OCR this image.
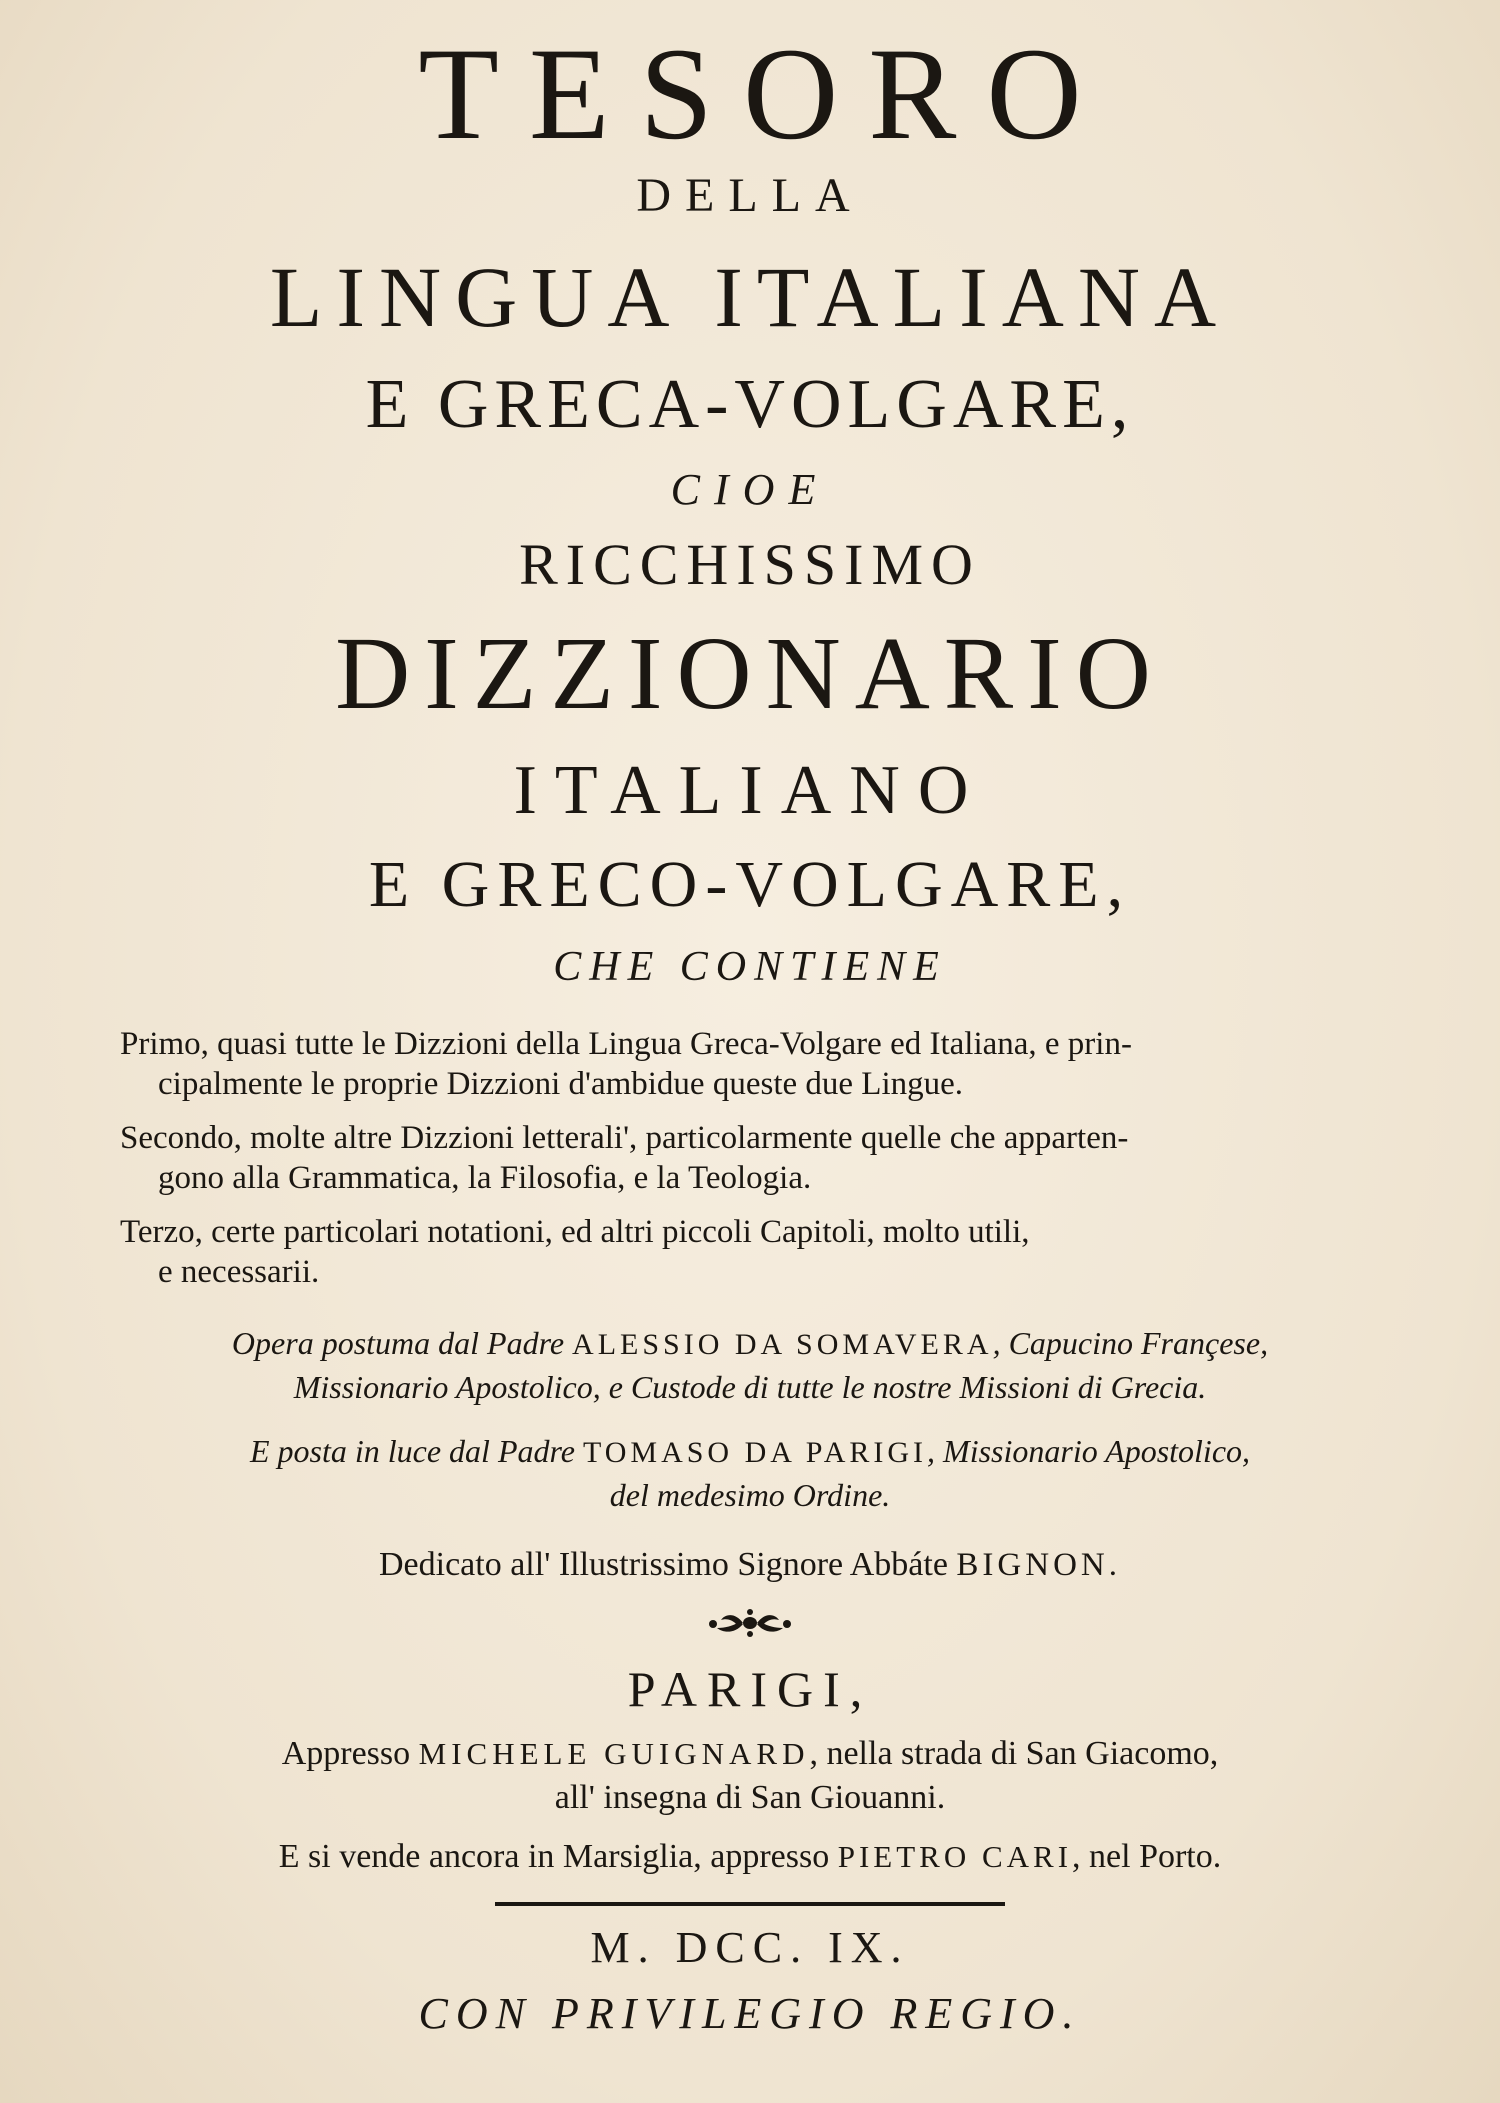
TESORO

DELLA

LINGUA ITALIANA

E GRECA-VOLGARE,

CIOE

RICCHISSIMO

DIZZIONARIO

ITALIANO

E GRECO-VOLGARE,

CHE CONTIENE

Primo, quasi tutte le Dizzioni della Lingua Greca-Volgare ed Italiana, e prin-
cipalmente le proprie Dizzioni d'ambidue queste due Lingue.
Secondo, molte altre Dizzioni letterali', particolarmente quelle che apparten-
gono alla Grammatica, la Filosofia, e la Teologia.
Terzo, certe particolari notationi, ed altri piccoli Capitoli, molto utili,
e necessarii.
Opera postuma dal Padre ALESSIO DA SOMAVERA, Capucino Françese,
Missionario Apostolico, e Custode di tutte le nostre Missioni di Grecia.
E posta in luce dal Padre TOMASO DA PARIGI, Missionario Apostolico,
del medesimo Ordine.
Dedicato all' Illustrissimo Signore Abbáte BIGNON.
PARIGI,
Appresso MICHELE GUIGNARD, nella strada di San Giacomo,
all' insegna di San Giouanni.
E si vende ancora in Marsiglia, appresso PIETRO CARI, nel Porto.
M. DCC. IX.
CON PRIVILEGIO REGIO.
